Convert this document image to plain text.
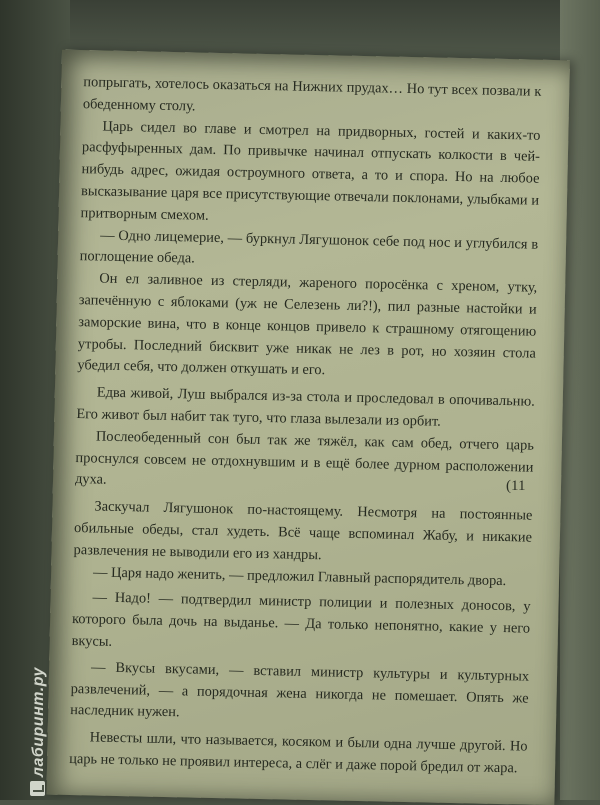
попрыгать, хотелось оказаться на Нижних прудах… Но тут всех позвали к обеденному столу.

Царь сидел во главе и смотрел на придворных, гостей и каких-то расфуфыренных дам. По привычке начинал отпускать колкости в чей-нибудь адрес, ожидая остроумного ответа, а то и спора. Но на любое высказывание царя все присутствующие отвечали поклонами, улыбками и притворным смехом.

— Одно лицемерие, — буркнул Лягушонок себе под нос и углубился в поглощение обеда.

Он ел заливное из стерляди, жареного поросёнка с хреном, утку, запечённую с яблоками (уж не Селезень ли?!), пил разные настойки и заморские вина, что в конце концов привело к страшному отягощению утробы. Последний бисквит уже никак не лез в рот, но хозяин стола убедил себя, что должен откушать и его.

Едва живой, Луш выбрался из-за стола и проследовал в опочивальню. Его живот был набит так туго, что глаза вылезали из орбит.

Послеобеденный сон был так же тяжёл, как сам обед, отчего царь проснулся совсем не отдохнувшим и в ещё более дурном расположении духа.

Заскучал Лягушонок по-настоящему. Несмотря на постоянные обильные обеды, стал худеть. Всё чаще вспоминал Жабу, и никакие развлечения не выводили его из хандры.

— Царя надо женить, — предложил Главный распорядитель двора.

— Надо! — подтвердил министр полиции и полезных доносов, у которого была дочь на выданье. — Да только непонятно, какие у него вкусы.

— Вкусы вкусами, — вставил министр культуры и культурных развлечений, — а порядочная жена никогда не помешает. Опять же наследник нужен.

Невесты шли, что называется, косяком и были одна лучше другой. Но царь не только не проявил интереса, а слёг и даже порой бредил от жара.

(11
лабиринт.ру
